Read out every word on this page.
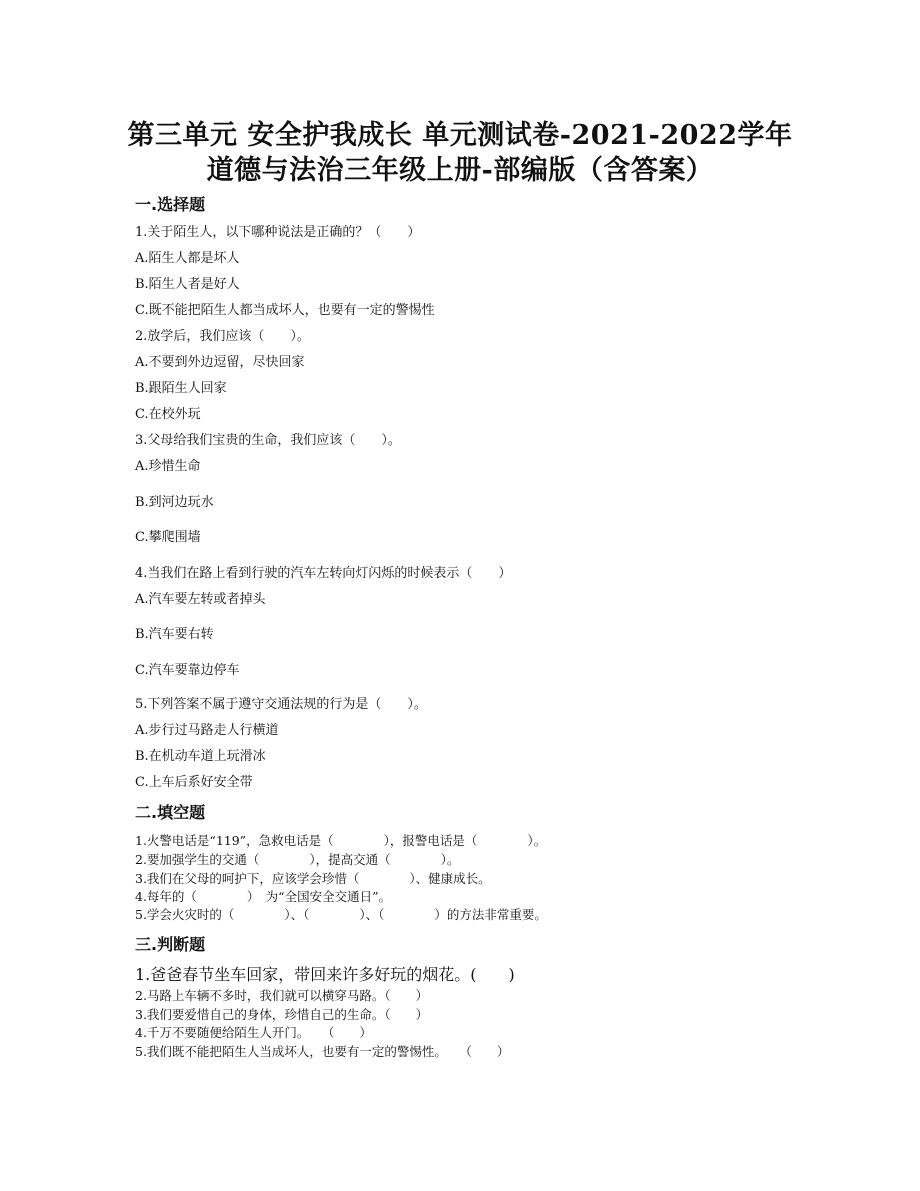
第三单元 安全护我成长 单元测试卷-2021-2022学年
道德与法治三年级上册-部编版（含答案）
一.选择题
1.关于陌生人，以下哪种说法是正确的？（　　）
A.陌生人都是坏人
B.陌生人者是好人
C.既不能把陌生人都当成坏人，也要有一定的警惕性
2.放学后，我们应该（　　）。
A.不要到外边逗留，尽快回家
B.跟陌生人回家
C.在校外玩
3.父母给我们宝贵的生命，我们应该（　　）。
A.珍惜生命
B.到河边玩水
C.攀爬围墙
4.当我们在路上看到行驶的汽车左转向灯闪烁的时候表示（　　）
A.汽车要左转或者掉头
B.汽车要右转
C.汽车要靠边停车
5.下列答案不属于遵守交通法规的行为是（　　）。
A.步行过马路走人行横道
B.在机动车道上玩滑冰
C.上车后系好安全带
二.填空题
1.火警电话是“119”，急救电话是（　　　　），报警电话是（　　　　）。
2.要加强学生的交通（　　　　），提高交通（　　　　）。
3.我们在父母的呵护下，应该学会珍惜（　　　　）、健康成长。
4.每年的（　　　　）　为“全国安全交通日”。
5.学会火灾时的（　　　　）、（　　　　）、（　　　　）的方法非常重要。
三.判断题
1.爸爸春节坐车回家，带回来许多好玩的烟花。(　　)
2.马路上车辆不多时，我们就可以横穿马路。（　　）
3.我们要爱惜自己的身体，珍惜自己的生命。（　　）
4.千万不要随便给陌生人开门。　　（　　）
5.我们既不能把陌生人当成坏人，也要有一定的警惕性。　　（　　）
